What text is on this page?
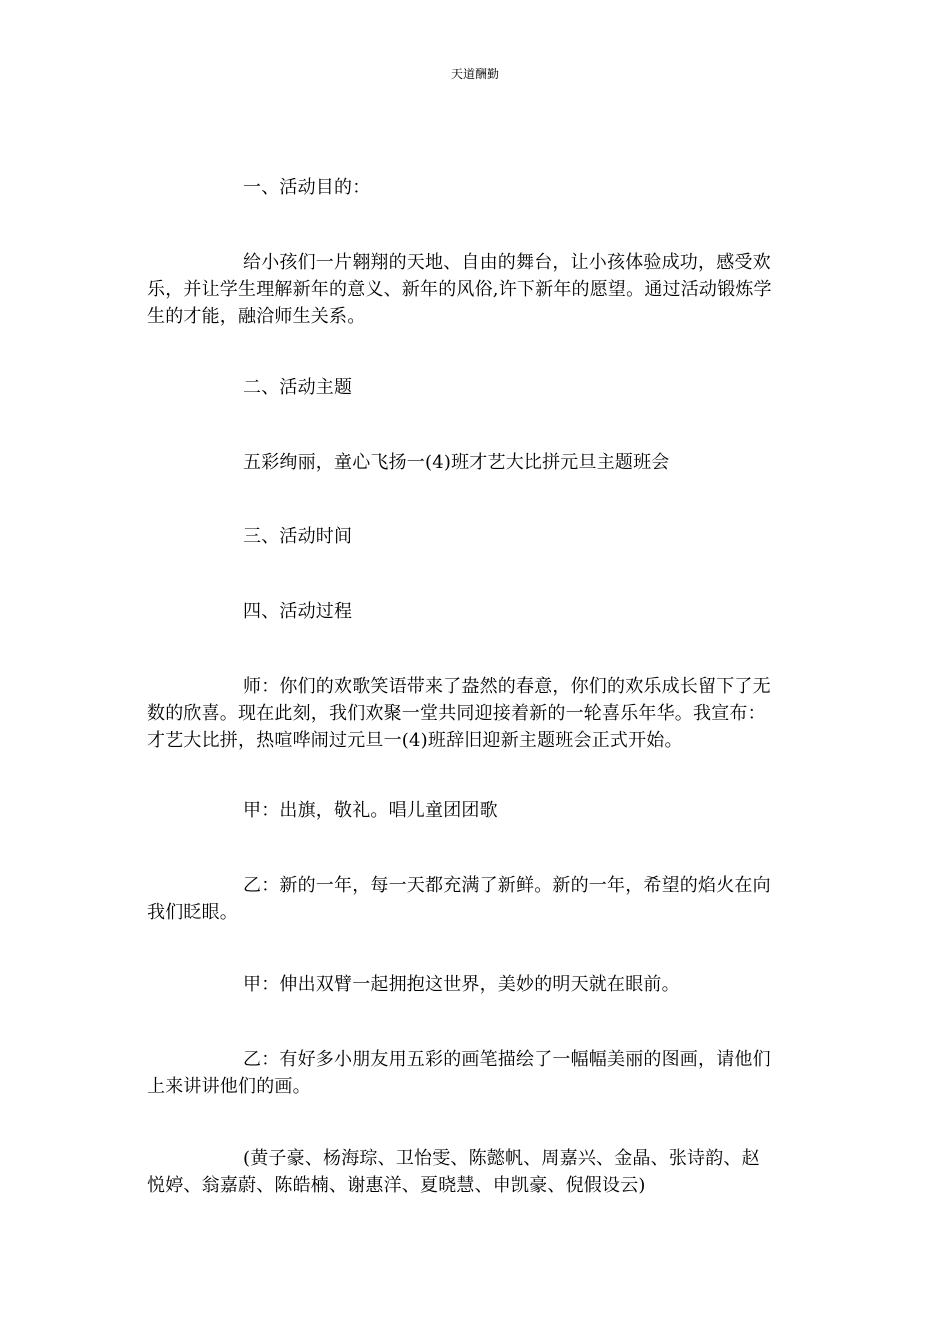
天道酬勤

一、活动目的：

给小孩们一片翱翔的天地、自由的舞台，让小孩体验成功，感受欢
乐，并让学生理解新年的意义、新年的风俗,许下新年的愿望。通过活动锻炼学
生的才能，融洽师生关系。

二、活动主题

五彩绚丽，童心飞扬一(4)班才艺大比拼元旦主题班会

三、活动时间

四、活动过程

师：你们的欢歌笑语带来了盎然的春意，你们的欢乐成长留下了无
数的欣喜。现在此刻，我们欢聚一堂共同迎接着新的一轮喜乐年华。我宣布：
才艺大比拼，热喧哗闹过元旦一(4)班辞旧迎新主题班会正式开始。

甲：出旗，敬礼。唱儿童团团歌

乙：新的一年，每一天都充满了新鲜。新的一年，希望的焰火在向
我们眨眼。

甲：伸出双臂一起拥抱这世界，美妙的明天就在眼前。

乙：有好多小朋友用五彩的画笔描绘了一幅幅美丽的图画，请他们
上来讲讲他们的画。
(黄子豪、杨海琮、卫怡雯、陈懿帆、周嘉兴、金晶、张诗韵、赵
悦婷、翁嘉蔚、陈皓楠、谢惠洋、夏晓慧、申凯豪、倪假设云)
